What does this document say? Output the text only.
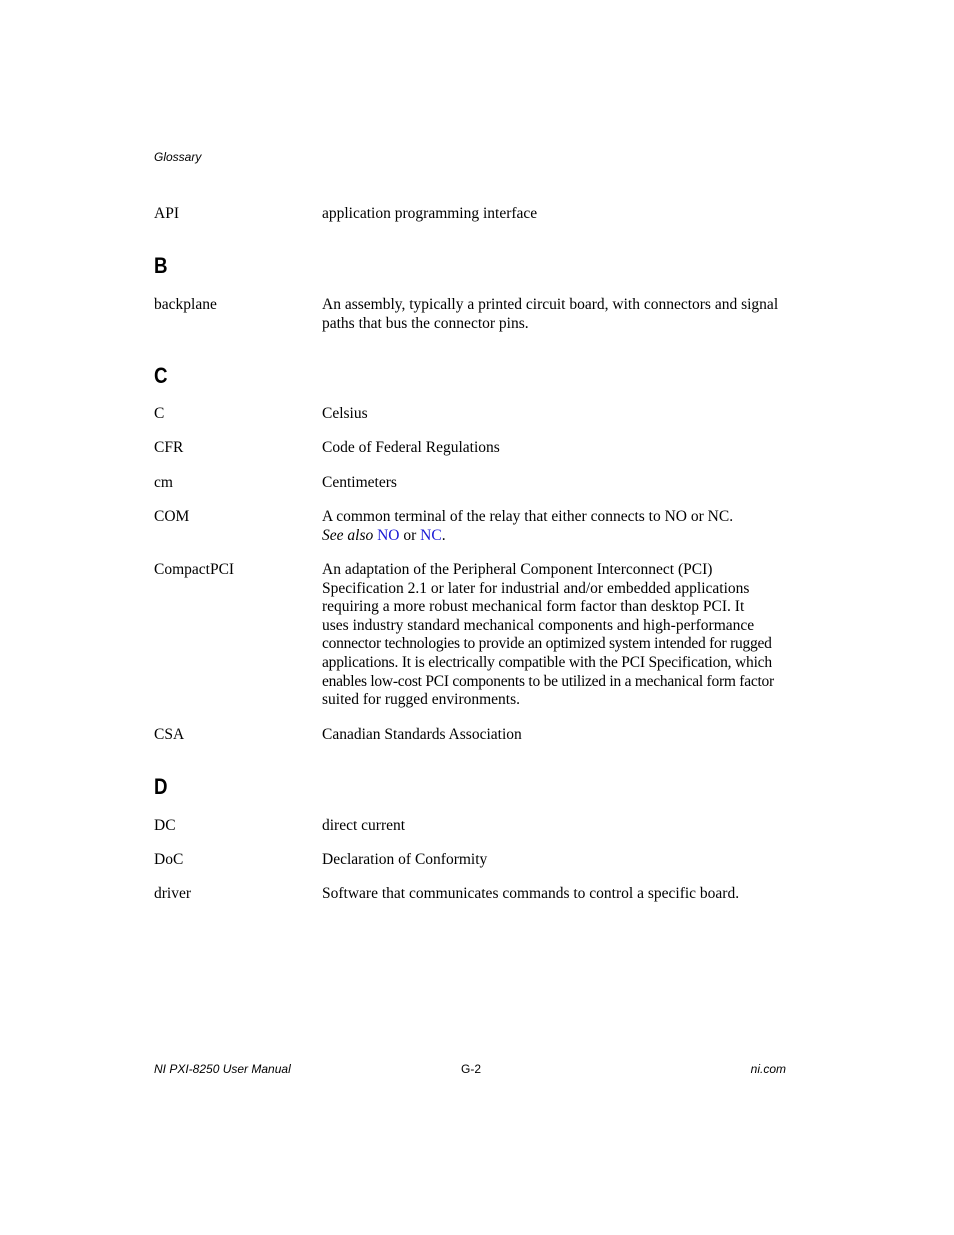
Glossary
API	application programming interface
B
backplane	An assembly, typically a printed circuit board, with connectors and signal paths that bus the connector pins.
C
C	Celsius
CFR	Code of Federal Regulations
cm	Centimeters
COM	A common terminal of the relay that either connects to NO or NC.
See also NO or NC.
CompactPCI	An adaptation of the Peripheral Component Interconnect (PCI)
Specification 2.1 or later for industrial and/or embedded applications
requiring a more robust mechanical form factor than desktop PCI. It
uses industry standard mechanical components and high-performance
connector technologies to provide an optimized system intended for rugged
applications. It is electrically compatible with the PCI Specification, which
enables low-cost PCI components to be utilized in a mechanical form factor
suited for rugged environments.
CSA	Canadian Standards Association
D
DC	direct current
DoC	Declaration of Conformity
driver	Software that communicates commands to control a specific board.
NI PXI-8250 User Manual	G-2	ni.com
